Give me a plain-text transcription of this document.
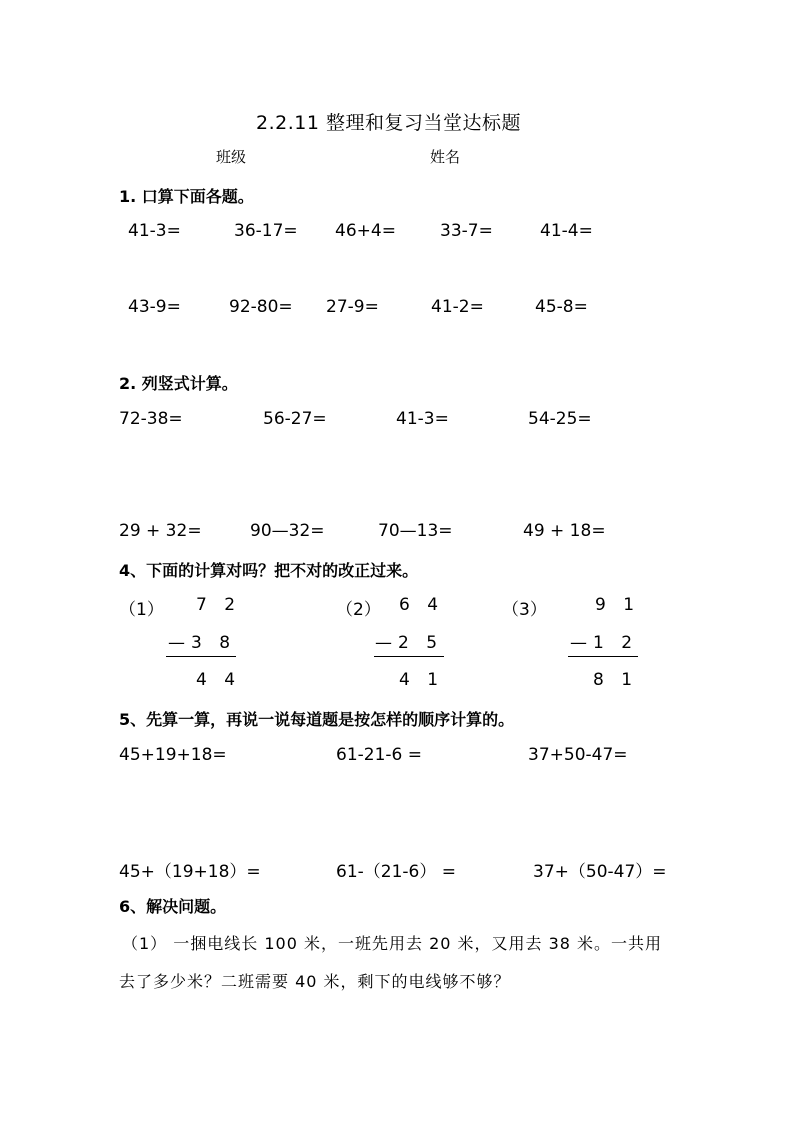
2.2.11 整理和复习当堂达标题
班级	姓名
1. 口算下面各题。
41-3=	36-17= 46+4=	33-7=	41-4=
43-9=	92-80= 27-9=	41-2=	45-8=
2. 列竖式计算。
72-38=	56-27=	41-3=	54-25=
29 + 32=	90—32=	70—13=	49 + 18=
4、下面的计算对吗？把不对的改正过来。
（1） 7 2
—3 8
4 4
（2） 6 4
—2 5
4 1
（3）	9 1
—1 2
8 1
5、先算一算，再说一说每道题是按怎样的顺序计算的。
45+19+18=	61-21-6 =	37+50-47=
45+（19+18）=	61-（21-6） =	37+（50-47）=
6、解决问题。
（1） 一捆电线长 100 米，一班先用去 20 米，又用去 38 米。一共用
去了多少米？二班需要 40 米，剩下的电线够不够？
